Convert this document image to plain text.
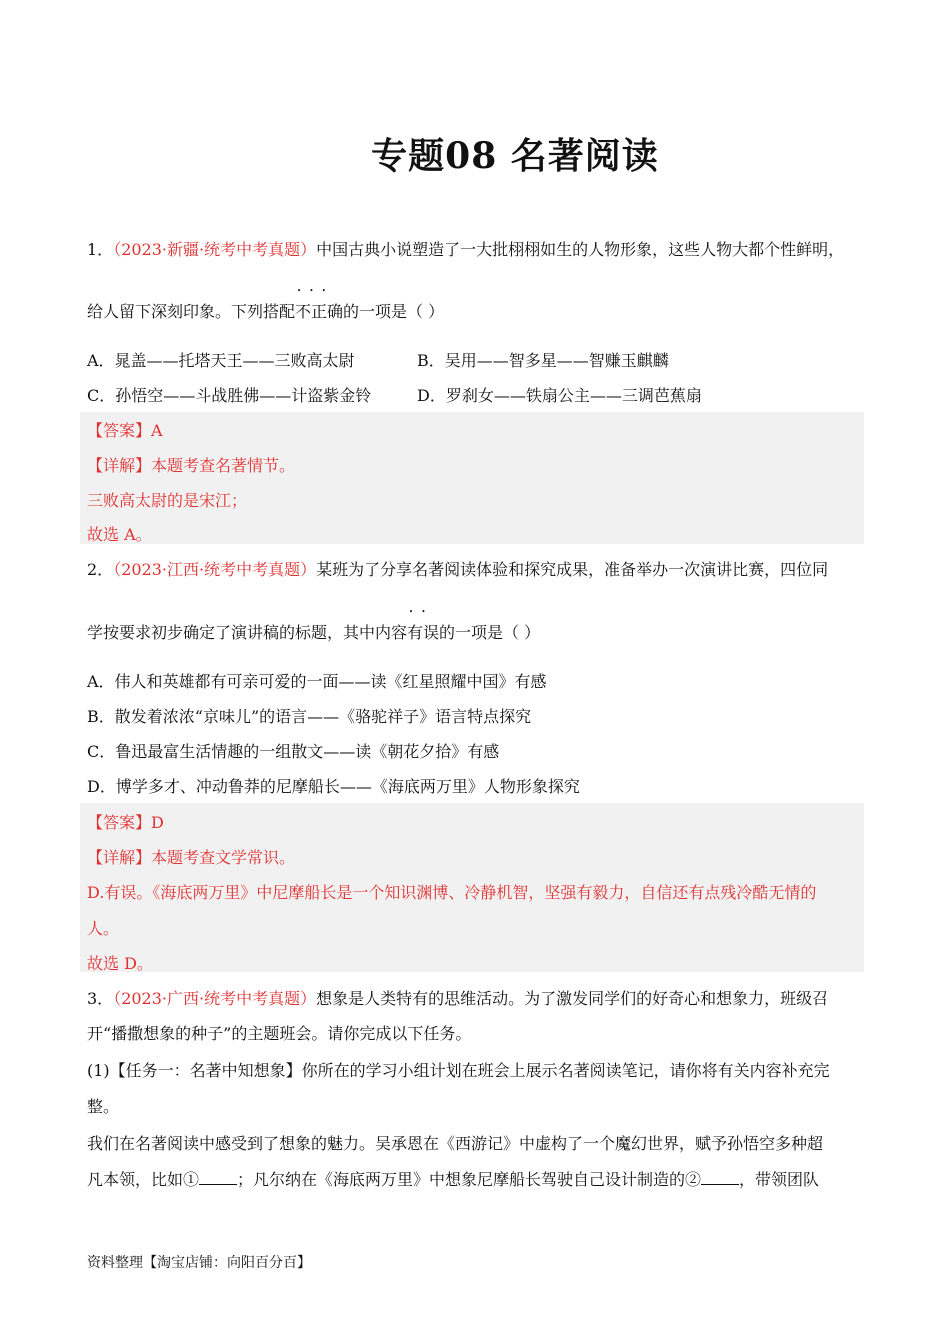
专题08 名著阅读
1．（2023·新疆·统考中考真题）中国古典小说塑造了一大批栩栩如生的人物形象，这些人物大都个性鲜明，
给人留下深刻印象。下列搭配• • • 不正确的一项是（ ）
A．晁盖——托塔天王——三败高太尉	B．吴用——智多星——智赚玉麒麟
C．孙悟空——斗战胜佛——计盗紫金铃	D．罗刹女——铁扇公主——三调芭蕉扇
【答案】A
【详解】本题考查名著情节。
三败高太尉的是宋江；
故选 A。
2．（2023·江西·统考中考真题）某班为了分享名著阅读体验和探究成果，准备举办一次演讲比赛，四位同
学按要求初步确定了演讲稿的标题，其中内容• • 有误的一项是（ ）
A．伟人和英雄都有可亲可爱的一面——读《红星照耀中国》有感
B．散发着浓浓“京味儿”的语言——《骆驼祥子》语言特点探究
C．鲁迅最富生活情趣的一组散文——读《朝花夕拾》有感
D．博学多才、冲动鲁莽的尼摩船长——《海底两万里》人物形象探究
【答案】D
【详解】本题考查文学常识。
D.有误。《海底两万里》中尼摩船长是一个知识渊博、冷静机智，坚强有毅力，自信还有点残冷酷无情的
人。
故选 D。
3．（2023·广西·统考中考真题）想象是人类特有的思维活动。为了激发同学们的好奇心和想象力，班级召
开“播撒想象的种子”的主题班会。请你完成以下任务。
(1)【任务一：名著中知想象】你所在的学习小组计划在班会上展示名著阅读笔记，请你将有关内容补充完
整。
我们在名著阅读中感受到了想象的魅力。吴承恩在《西游记》中虚构了一个魔幻世界，赋予孙悟空多种超
凡本领，比如① ；凡尔纳在《海底两万里》中想象尼摩船长驾驶自己设计制造的② ，带领团队
资料整理【淘宝店铺：向阳百分百】
